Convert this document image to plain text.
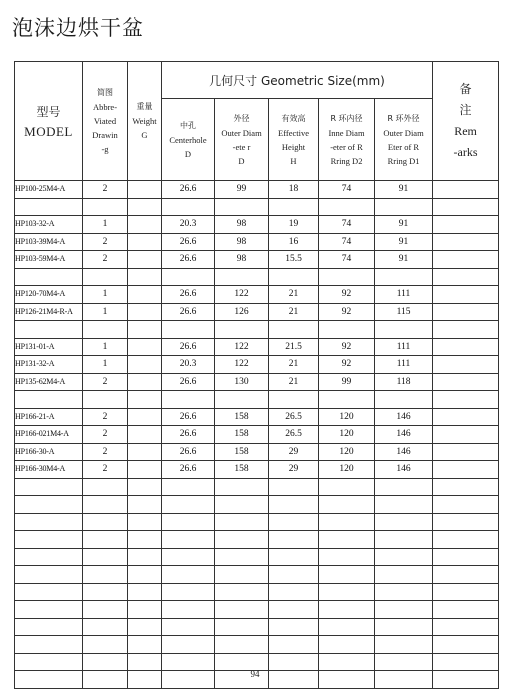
泡沫边烘干盆
型号
MODEL	简图
Abbre-
Viated
Drawin
-g	重量
Weight
G	几何尺寸 Geometric Size(mm)					备
注
Rem
-arks

			中孔
Centerhole
D	外径
Outer Diam
-ete r
D	有效高
Effective
Height
H	R 环内径
Inne Diam
-eter of R
Rring D2	R 环外径
Outer Diam
Eter of R
Rring D1	

HP100-25M4-A	2		26.6	99	18	74	91	

HP103-32-A	1		20.3	98	19	74	91	
HP103-39M4-A	2		26.6	98	16	74	91	
HP103-59M4-A	2		26.6	98	15.5	74	91	

HP120-70M4-A	1		26.6	122	21	92	111	
HP126-21M4-R-A	1		26.6	126	21	92	115	

HP131-01-A	1		26.6	122	21.5	92	111	
HP131-32-A	1		20.3	122	21	92	111	
HP135-62M4-A	2		26.6	130	21	99	118	

HP166-21-A	2		26.6	158	26.5	120	146	
HP166-021M4-A	2		26.6	158	26.5	120	146	
HP166-30-A	2		26.6	158	29	120	146	
HP166-30M4-A	2		26.6	158	29	120	146	

94
